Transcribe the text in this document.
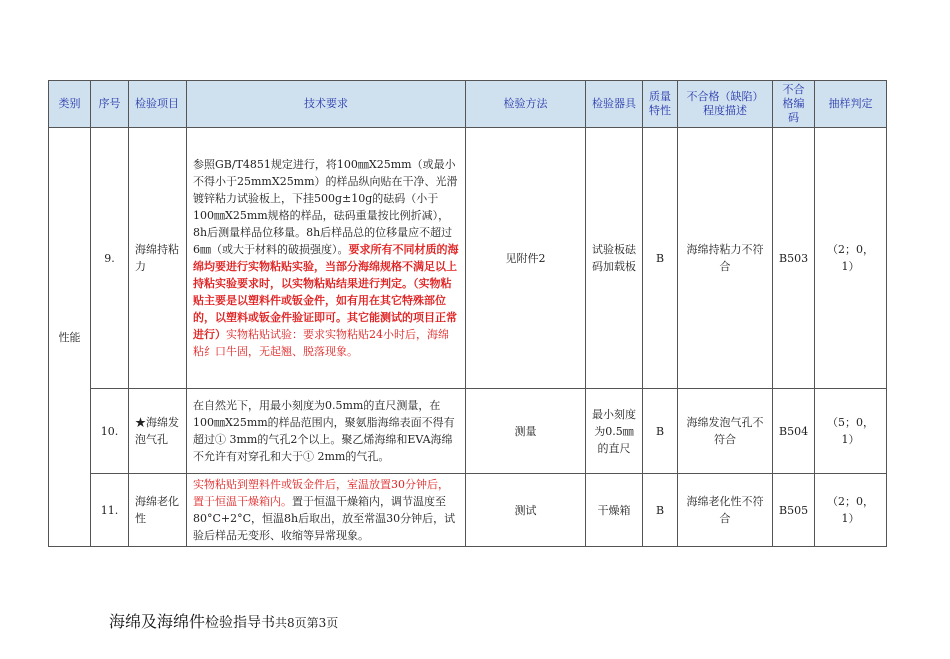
类别	序号	检验项目	技术要求	检验方法	检验器具	质量特性	不合格（缺陷）程度描述	不合格编码	抽样判定
性能	9.	海绵持粘力	参照GB/T4851规定进行，将100㎜Ⅹ25mm（或最小不得小于25mmⅩ25mm）的样品纵向贴在干净、光滑镀锌粘力试验板上，下挂500g±10g的砝码（小于100㎜Ⅹ25mm规格的样品，砝码重量按比例折减），8h后测量样品位移量。8h后样品总的位移量应不超过6㎜（或大于材料的破损强度）。要求所有不同材质的海绵均要进行实物粘贴实验，当部分海绵规格不满足以上持粘实验要求时，以实物粘贴结果进行判定。（实物粘贴主要是以塑料件或钣金件，如有用在其它特殊部位的，以塑料或钣金件验证即可。其它能测试的项目正常进行）实物粘贴试验：要求实物粘贴24小时后，海绵粘纟口牛固，无起翘、脱落现象。	见附件2	试验板砝码加载板	B	海绵持粘力不符合	B503	（2；0，1）
	10.	★海绵发泡气孔	在自然光下，用最小刻度为0.5mm的直尺测量，在100㎜Ⅹ25mm的样品范围内，聚氨脂海绵表面不得有超过① 3mm的气孔2个以上。聚乙烯海绵和EVA海绵不允许有对穿孔和大于① 2mm的气孔。	测量	最小刻度为0.5㎜的直尺	B	海绵发泡气孔不符合	B504	（5；0，1）
	11.	海绵老化性	实物粘贴到塑料件或钣金件后，室温放置30分钟后，置于恒温干燥箱内。置于恒温干燥箱内，调节温度至80°C+2°C，恒温8h后取出，放至常温30分钟后，试验后样品无变形、收缩等异常现象。	测试	干燥箱	B	海绵老化性不符合	B505	（2；0，1）
海绵及海绵件检验指导书共8页第3页
